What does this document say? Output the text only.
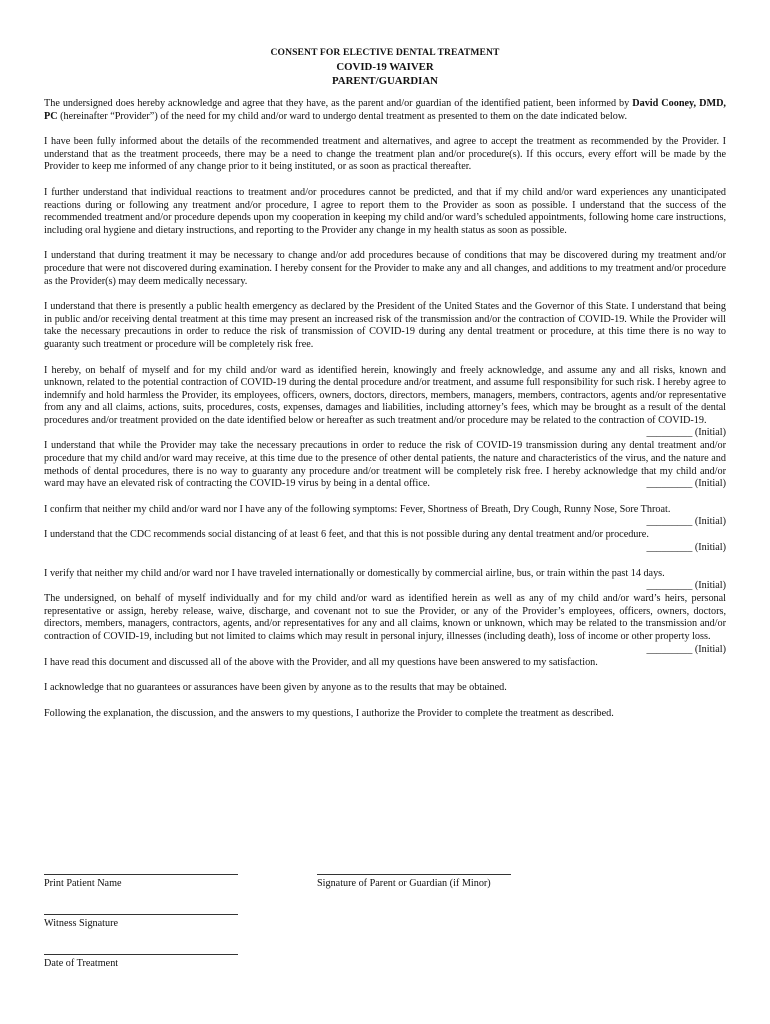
CONSENT FOR ELECTIVE DENTAL TREATMENT
COVID-19 WAIVER
PARENT/GUARDIAN

The undersigned does hereby acknowledge and agree that they have, as the parent and/or guardian of the identified patient, been informed by David Cooney, DMD, PC (hereinafter “Provider”) of the need for my child and/or ward to undergo dental treatment as presented to them on the date indicated below.

I have been fully informed about the details of the recommended treatment and alternatives, and agree to accept the treatment as recommended by the Provider. I understand that as the treatment proceeds, there may be a need to change the treatment plan and/or procedure(s). If this occurs, every effort will be made by the Provider to keep me informed of any change prior to it being instituted, or as soon as practical thereafter.

I further understand that individual reactions to treatment and/or procedures cannot be predicted, and that if my child and/or ward experiences any unanticipated reactions during or following any treatment and/or procedure, I agree to report them to the Provider as soon as possible. I understand that the success of the recommended treatment and/or procedure depends upon my cooperation in keeping my child and/or ward’s scheduled appointments, following home care instructions, including oral hygiene and dietary instructions, and reporting to the Provider any change in my health status as soon as possible.

I understand that during treatment it may be necessary to change and/or add procedures because of conditions that may be discovered during my treatment and/or procedure that were not discovered during examination. I hereby consent for the Provider to make any and all changes, and additions to my treatment and/or procedure as the Provider(s) may deem medically necessary.

I understand that there is presently a public health emergency as declared by the President of the United States and the Governor of this State. I understand that being in public and/or receiving dental treatment at this time may present an increased risk of the transmission and/or the contraction of COVID-19. While the Provider will take the necessary precautions in order to reduce the risk of transmission of COVID-19 during any dental treatment or procedure, at this time there is no way to guaranty such treatment or procedure will be completely risk free.

I hereby, on behalf of myself and for my child and/or ward as identified herein, knowingly and freely acknowledge, and assume any and all risks, known and unknown, related to the potential contraction of COVID-19 during the dental procedure and/or treatment, and assume full responsibility for such risk. I hereby agree to indemnify and hold harmless the Provider, its employees, officers, owners, doctors, directors, members, managers, members, contractors, agents and/or representative from any and all claims, actions, suits, procedures, costs, expenses, damages and liabilities, including attorney’s fees, which may be brought as a result of the dental procedures and/or treatment provided on the date identified below or hereafter as such treatment and/or procedure may be related to the contraction of COVID-19.
_________ (Initial)

I understand that while the Provider may take the necessary precautions in order to reduce the risk of COVID-19 transmission during any dental treatment and/or procedure that my child and/or ward may receive, at this time due to the presence of other dental patients, the nature and characteristics of the virus, and the nature and methods of dental procedures, there is no way to guaranty any procedure and/or treatment will be completely risk free. I hereby acknowledge that my child and/or ward may have an elevated risk of contracting the COVID-19 virus by being in a dental office.	_________ (Initial)

I confirm that neither my child and/or ward nor I have any of the following symptoms: Fever, Shortness of Breath, Dry Cough, Runny Nose, Sore Throat.
_________ (Initial)

I understand that the CDC recommends social distancing of at least 6 feet, and that this is not possible during any dental treatment and/or procedure.
_________ (Initial)

I verify that neither my child and/or ward nor I have traveled internationally or domestically by commercial airline, bus, or train within the past 14 days.
_________ (Initial)

The undersigned, on behalf of myself individually and for my child and/or ward as identified herein as well as any of my child and/or ward’s heirs, personal representative or assign, hereby release, waive, discharge, and covenant not to sue the Provider, or any of the Provider’s employees, officers, owners, doctors, directors, members, managers, contractors, agents, and/or representatives for any and all claims, known or unknown, which may be related to the transmission and/or contraction of COVID-19, including but not limited to claims which may result in personal injury, illnesses (including death), loss of income or other property loss.
_________ (Initial)

I have read this document and discussed all of the above with the Provider, and all my questions have been answered to my satisfaction.

I acknowledge that no guarantees or assurances have been given by anyone as to the results that may be obtained.

Following the explanation, the discussion, and the answers to my questions, I authorize the Provider to complete the treatment as described.

Print Patient Name	Signature of Parent or Guardian (if Minor)
Witness Signature
Date of Treatment
